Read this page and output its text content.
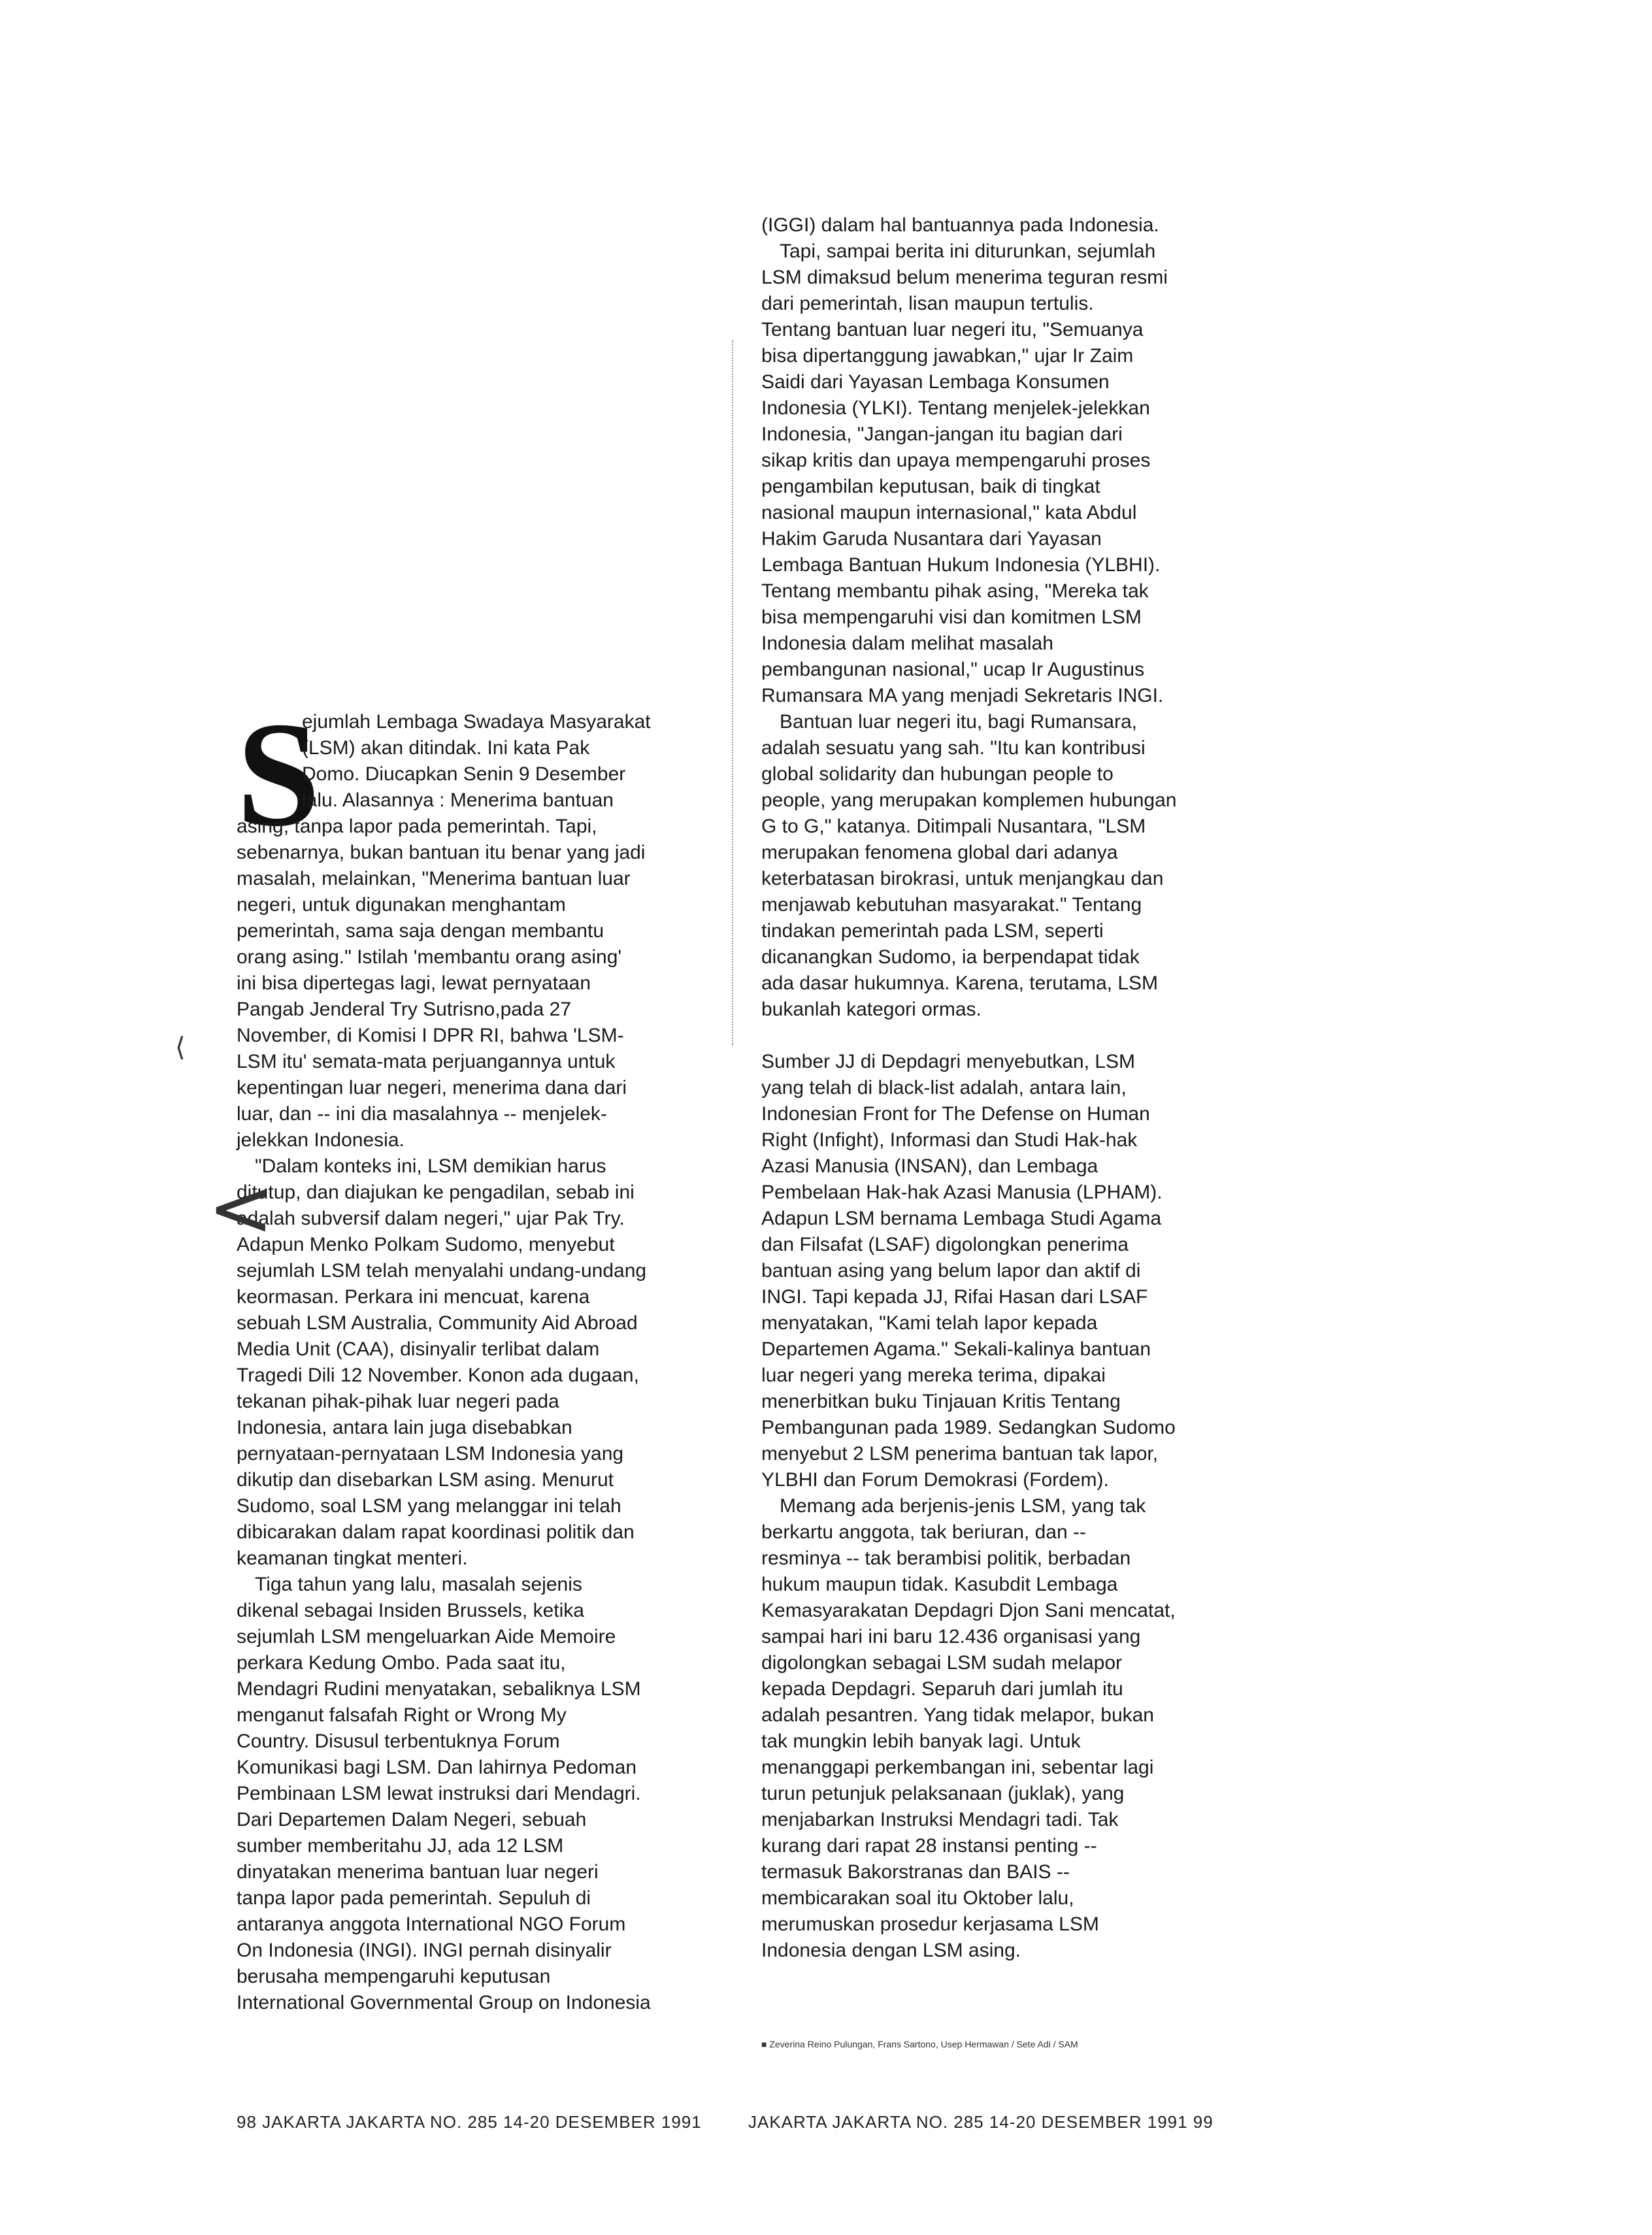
S

ejumlah Lembaga Swadaya Masyarakat

(LSM) akan ditindak. Ini kata Pak

Domo. Diucapkan Senin 9 Desember

lalu. Alasannya : Menerima bantuan

asing, tanpa lapor pada pemerintah. Tapi,

sebenarnya, bukan bantuan itu benar yang jadi

masalah, melainkan, "Menerima bantuan luar

negeri, untuk digunakan menghantam

pemerintah, sama saja dengan membantu

orang asing." Istilah 'membantu orang asing'

ini bisa dipertegas lagi, lewat pernyataan

Pangab Jenderal Try Sutrisno,pada 27

November, di Komisi I DPR RI, bahwa 'LSM-

LSM itu' semata-mata perjuangannya untuk

kepentingan luar negeri, menerima dana dari

luar, dan -- ini dia masalahnya -- menjelek-

jelekkan Indonesia.

"Dalam konteks ini, LSM demikian harus

ditutup, dan diajukan ke pengadilan, sebab ini

adalah subversif dalam negeri," ujar Pak Try.

Adapun Menko Polkam Sudomo, menyebut

sejumlah LSM telah menyalahi undang-undang

keormasan. Perkara ini mencuat, karena

sebuah LSM Australia, Community Aid Abroad

Media Unit (CAA), disinyalir terlibat dalam

Tragedi Dili 12 November. Konon ada dugaan,

tekanan pihak-pihak luar negeri pada

Indonesia, antara lain juga disebabkan

pernyataan-pernyataan LSM Indonesia yang

dikutip dan disebarkan LSM asing. Menurut

Sudomo, soal LSM yang melanggar ini telah

dibicarakan dalam rapat koordinasi politik dan

keamanan tingkat menteri.

Tiga tahun yang lalu, masalah sejenis

dikenal sebagai Insiden Brussels, ketika

sejumlah LSM mengeluarkan Aide Memoire

perkara Kedung Ombo. Pada saat itu,

Mendagri Rudini menyatakan, sebaliknya LSM

menganut falsafah Right or Wrong My

Country. Disusul terbentuknya Forum

Komunikasi bagi LSM. Dan lahirnya Pedoman

Pembinaan LSM lewat instruksi dari Mendagri.

Dari Departemen Dalam Negeri, sebuah

sumber memberitahu JJ, ada 12 LSM

dinyatakan menerima bantuan luar negeri

tanpa lapor pada pemerintah. Sepuluh di

antaranya anggota International NGO Forum

On Indonesia (INGI). INGI pernah disinyalir

berusaha mempengaruhi keputusan

International Governmental Group on Indonesia

(IGGI) dalam hal bantuannya pada Indonesia.

Tapi, sampai berita ini diturunkan, sejumlah

LSM dimaksud belum menerima teguran resmi

dari pemerintah, lisan maupun tertulis.

Tentang bantuan luar negeri itu, "Semuanya

bisa dipertanggung jawabkan," ujar Ir Zaim

Saidi dari Yayasan Lembaga Konsumen

Indonesia (YLKI). Tentang menjelek-jelekkan

Indonesia, "Jangan-jangan itu bagian dari

sikap kritis dan upaya mempengaruhi proses

pengambilan keputusan, baik di tingkat

nasional maupun internasional," kata Abdul

Hakim Garuda Nusantara dari Yayasan

Lembaga Bantuan Hukum Indonesia (YLBHI).

Tentang membantu pihak asing, "Mereka tak

bisa mempengaruhi visi dan komitmen LSM

Indonesia dalam melihat masalah

pembangunan nasional," ucap Ir Augustinus

Rumansara MA yang menjadi Sekretaris INGI.

Bantuan luar negeri itu, bagi Rumansara,

adalah sesuatu yang sah. "Itu kan kontribusi

global solidarity dan hubungan people to

people, yang merupakan komplemen hubungan

G to G," katanya. Ditimpali Nusantara, "LSM

merupakan fenomena global dari adanya

keterbatasan birokrasi, untuk menjangkau dan

menjawab kebutuhan masyarakat." Tentang

tindakan pemerintah pada LSM, seperti

dicanangkan Sudomo, ia berpendapat tidak

ada dasar hukumnya. Karena, terutama, LSM

bukanlah kategori ormas.

Sumber JJ di Depdagri menyebutkan, LSM

yang telah di black-list adalah, antara lain,

Indonesian Front for The Defense on Human

Right (Infight), Informasi dan Studi Hak-hak

Azasi Manusia (INSAN), dan Lembaga

Pembelaan Hak-hak Azasi Manusia (LPHAM).

Adapun LSM bernama Lembaga Studi Agama

dan Filsafat (LSAF) digolongkan penerima

bantuan asing yang belum lapor dan aktif di

INGI. Tapi kepada JJ, Rifai Hasan dari LSAF

menyatakan, "Kami telah lapor kepada

Departemen Agama." Sekali-kalinya bantuan

luar negeri yang mereka terima, dipakai

menerbitkan buku Tinjauan Kritis Tentang

Pembangunan pada 1989. Sedangkan Sudomo

menyebut 2 LSM penerima bantuan tak lapor,

YLBHI dan Forum Demokrasi (Fordem).

Memang ada berjenis-jenis LSM, yang tak

berkartu anggota, tak beriuran, dan --

resminya -- tak berambisi politik, berbadan

hukum maupun tidak. Kasubdit Lembaga

Kemasyarakatan Depdagri Djon Sani mencatat,

sampai hari ini baru 12.436 organisasi yang

digolongkan sebagai LSM sudah melapor

kepada Depdagri. Separuh dari jumlah itu

adalah pesantren. Yang tidak melapor, bukan

tak mungkin lebih banyak lagi. Untuk

menanggapi perkembangan ini, sebentar lagi

turun petunjuk pelaksanaan (juklak), yang

menjabarkan Instruksi Mendagri tadi. Tak

kurang dari rapat 28 instansi penting --

termasuk Bakorstranas dan BAIS --

membicarakan soal itu Oktober lalu,

merumuskan prosedur kerjasama LSM

Indonesia dengan LSM asing.

⟨
<
■ Zeverina Reino Pulungan, Frans Sartono, Usep Hermawan / Sete Adi / SAM
98 JAKARTA JAKARTA NO. 285 14-20 DESEMBER 1991	JAKARTA JAKARTA NO. 285 14-20 DESEMBER 1991 99
